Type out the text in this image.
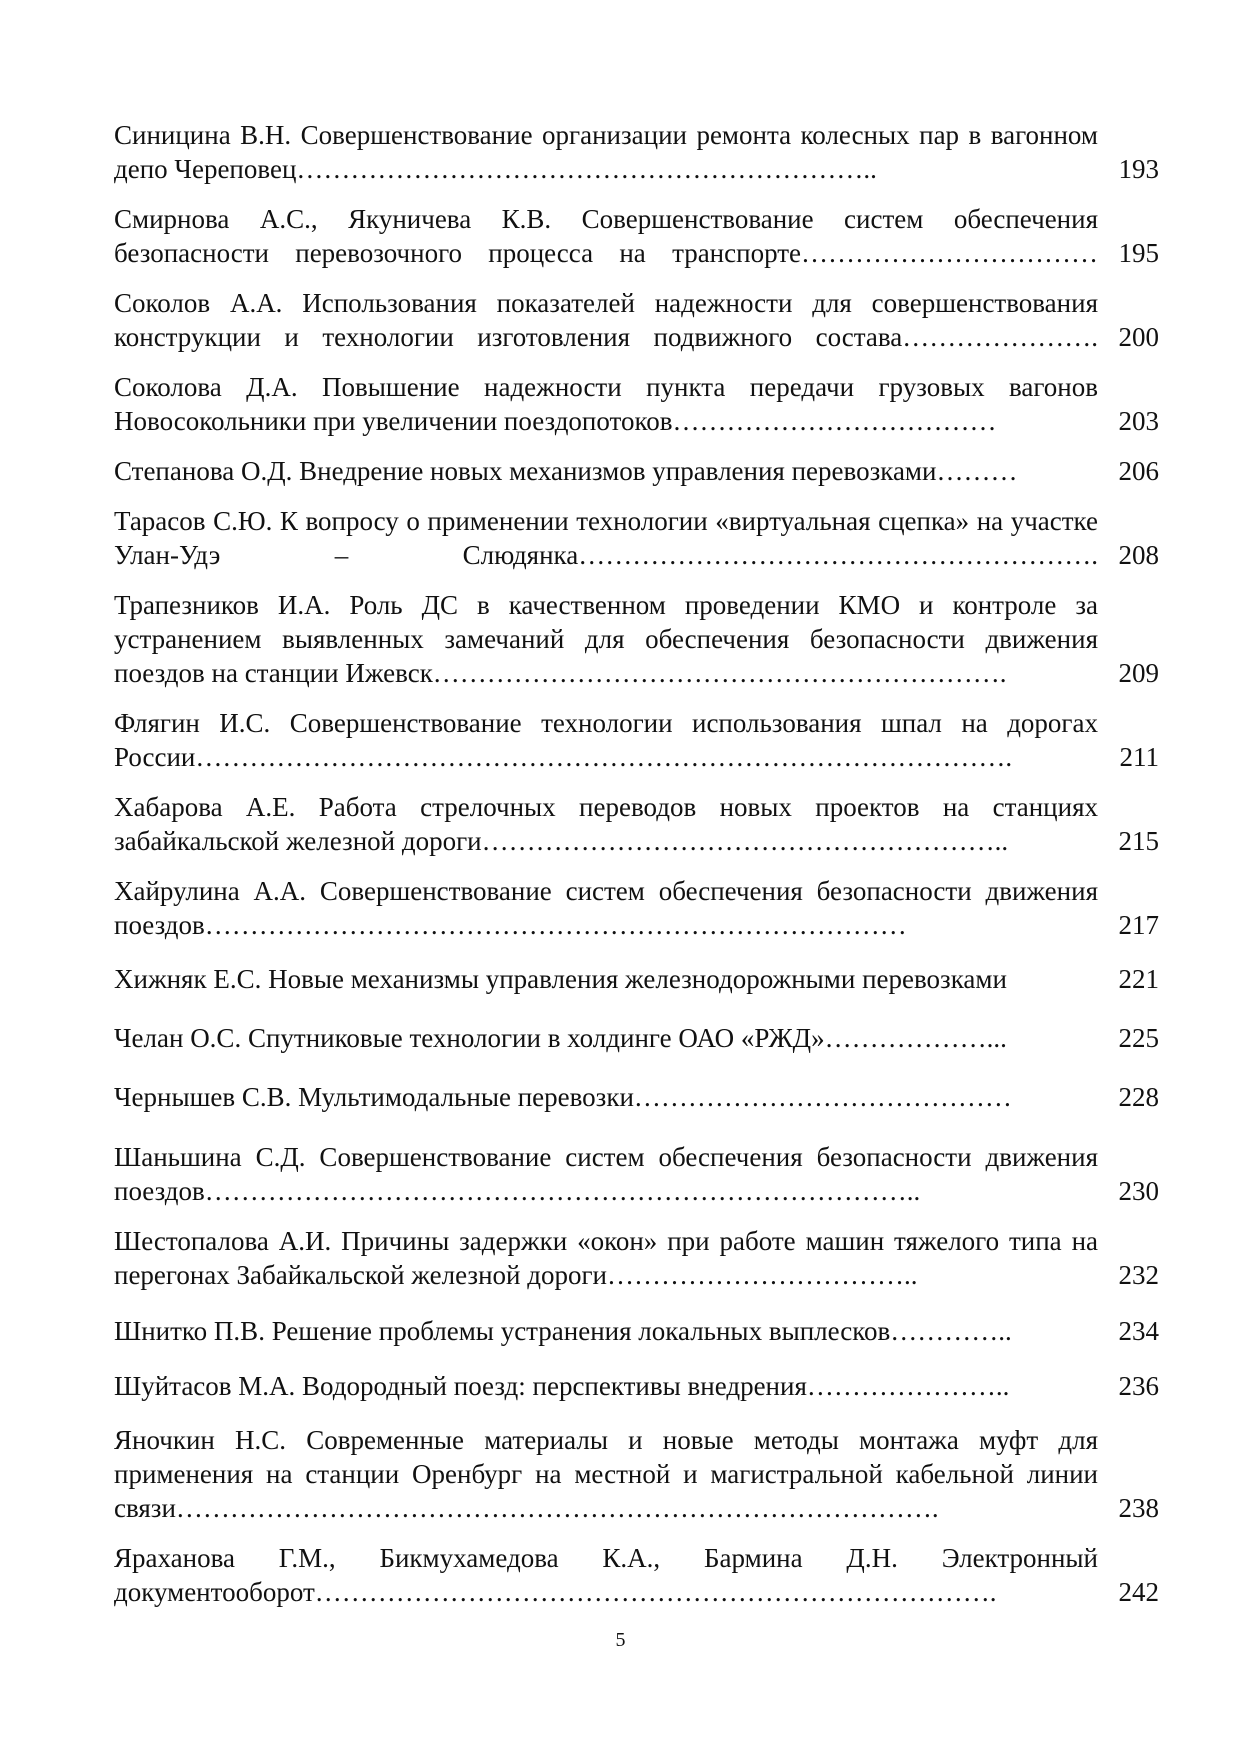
Синицина В.Н. Совершенствование организации ремонта колесных пар в вагонном депо Череповец………………………………………………………..	193
Смирнова А.С., Якуничева К.В. Совершенствование систем обеспечения безопасности перевозочного процесса на транспорте…………………………… 195
Соколов А.А. Использования показателей надежности для совершенствования конструкции и технологии изготовления подвижного состава…………………. 200
Соколова Д.А. Повышение надежности пункта передачи грузовых вагонов Новосокольники при увеличении поездопотоков………………………………	203
Степанова О.Д. Внедрение новых механизмов управления перевозками………	206
Тарасов С.Ю. К вопросу о применении технологии «виртуальная сцепка» на участке Улан-Удэ – Слюдянка…………………………………………………. 208
Трапезников И.А. Роль ДС в качественном проведении КМО и контроле за устранением выявленных замечаний для обеспечения безопасности движения поездов на станции Ижевск……………………………………………………….	209
Флягин И.С. Совершенствование технологии использования шпал на дорогах России……………………………………………………………………………….	211
Хабарова А.Е. Работа стрелочных переводов новых проектов на станциях забайкальской железной дороги…………………………………………………..	215
Хайрулина А.А. Совершенствование систем обеспечения безопасности движения поездов……………………………………………………………………	217
Хижняк Е.С. Новые механизмы управления железнодорожными перевозками	221
Челан О.С. Спутниковые технологии в холдинге ОАО «РЖД»………………...	225
Чернышев С.В. Мультимодальные перевозки……………………………………	228
Шаньшина С.Д. Совершенствование систем обеспечения безопасности движения поездов……………………………………………………………………..	230
Шестопалова А.И. Причины задержки «окон» при работе машин тяжелого типа на перегонах Забайкальской железной дороги……………………………..	232
Шнитко П.В. Решение проблемы устранения локальных выплесков…………..	234
Шуйтасов М.А. Водородный поезд: перспективы внедрения…………………..	236
Яночкин Н.С. Современные материалы и новые методы монтажа муфт для применения на станции Оренбург на местной и магистральной кабельной линии связи………………………………………………………………………….	238
Яраханова Г.М., Бикмухамедова К.А., Бармина Д.Н. Электронный документооборот………………………………………………………………….	242
5
